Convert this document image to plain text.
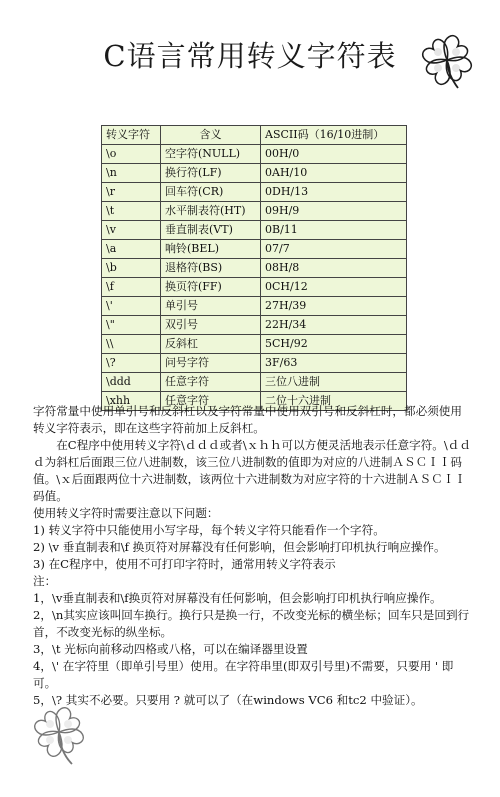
C语言常用转义字符表
转义字符	含义	ASCII码（16/10进制）
\o	空字符(NULL)	00H/0
\n	换行符(LF)	0AH/10
\r	回车符(CR)	0DH/13
\t	水平制表符(HT)	09H/9
\v	垂直制表(VT)	0B/11
\a	响铃(BEL)	07/7
\b	退格符(BS)	08H/8
\f	换页符(FF)	0CH/12
\'	单引号	27H/39
\"	双引号	22H/34
\\	反斜杠	5CH/92
\?	问号字符	3F/63
\ddd	任意字符	三位八进制
\xhh	任意字符	二位十六进制

字符常量中使用单引号和反斜杠以及字符常量中使用双引号和反斜杠时，都必须使用转义字符表示，即在这些字符前加上反斜杠。

在C程序中使用转义字符\ｄｄｄ或者\ｘｈｈ可以方便灵活地表示任意字符。\ｄｄｄ为斜杠后面跟三位八进制数，该三位八进制数的值即为对应的八进制ＡＳＣＩＩ码值。\ｘ后面跟两位十六进制数，该两位十六进制数为对应字符的十六进制ＡＳＣＩＩ码值。

使用转义字符时需要注意以下问题：

1) 转义字符中只能使用小写字母，每个转义字符只能看作一个字符。

2) \v 垂直制表和\f 换页符对屏幕没有任何影响，但会影响打印机执行响应操作。

3) 在C程序中，使用不可打印字符时，通常用转义字符表示

注：

1，\v垂直制表和\f换页符对屏幕没有任何影响，但会影响打印机执行响应操作。

2，\n其实应该叫回车换行。换行只是换一行，不改变光标的横坐标；回车只是回到行首，不改变光标的纵坐标。

3，\t 光标向前移动四格或八格，可以在编译器里设置

4，\' 在字符里（即单引号里）使用。在字符串里(即双引号里)不需要，只要用 ' 即可。

5，\? 其实不必要。只要用 ? 就可以了（在windows VC6 和tc2 中验证）。
